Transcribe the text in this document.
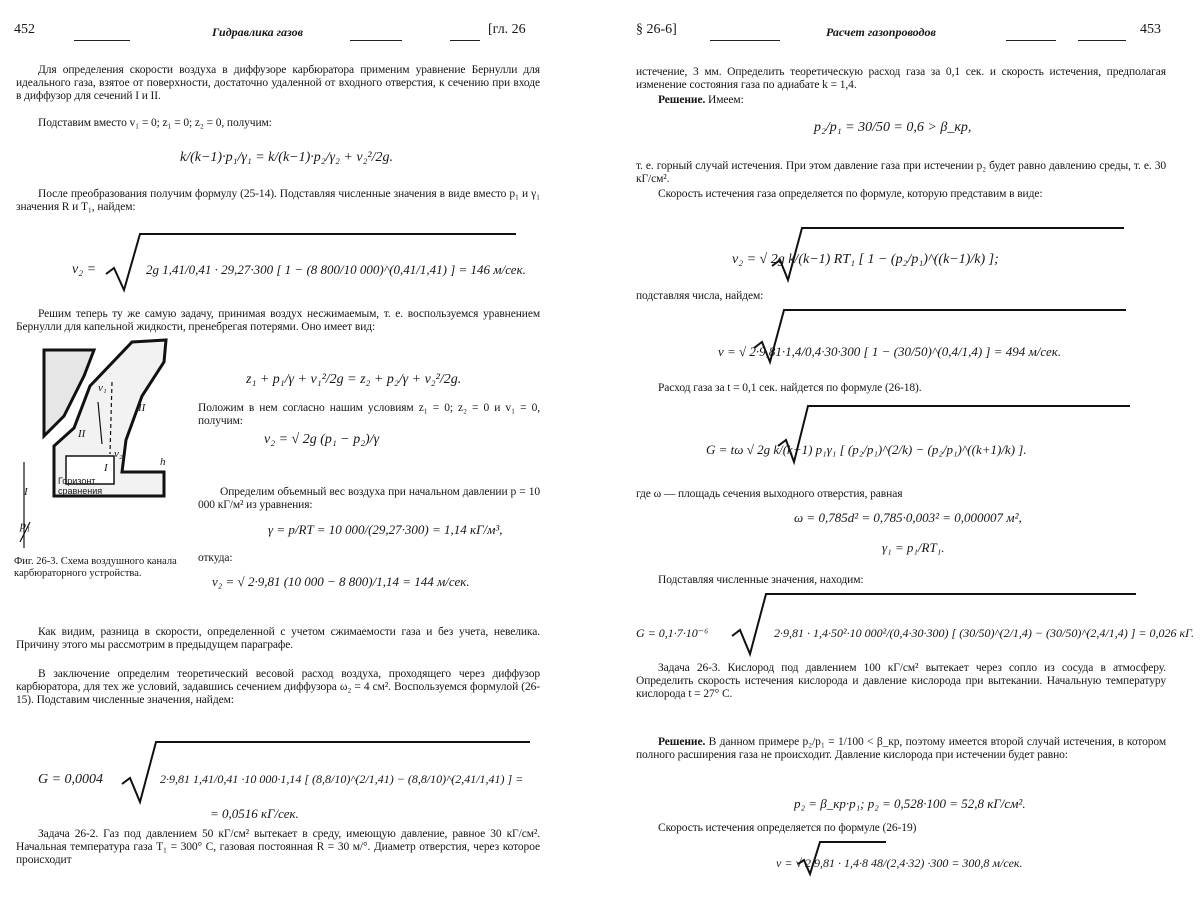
452	Гидравлика газов	[гл. 26
Для определения скорости воздуха в диффузоре карбюратора применим уравнение Бернулли для идеального газа, взятое от поверхности, достаточно удаленной от входного отверстия, к сечению при входе в диффузор для сечений I и II.
Подставим вместо v₁ = 0; z₁ = 0; z₂ = 0, получим:
k/(k−1)·p₁/γ₁ = k/(k−1)·p₂/γ₂ + v₂²/2g.
После преобразования получим формулу (25-14). Подставляя численные значения в виде вместо p₁ и γ₁ значения R и T₁, найдем:
v₂ =	2g 1,41/0,41 · 29,27·300 [ 1 − (8 800/10 000)^(0,41/1,41) ] = 146 м/сек.
Решим теперь ту же самую задачу, принимая воздух несжимаемым, т. е. воспользуемся уравнением Бернулли для капельной жидкости, пренебрегая потерями. Оно имеет вид:
v₁
v₂
II
I
h
p₁
Горизонт сравнения
I
II
z₁ + p₁/γ + v₁²/2g = z₂ + p₂/γ + v₂²/2g.
Положим в нем согласно нашим условиям z₁ = 0; z₂ = 0 и v₁ = 0, получим:
v₂ = √ 2g (p₁ − p₂)/γ
Определим объемный вес воздуха при начальном давлении p = 10 000 кГ/м² из уравнения:
γ = p/RT = 10 000/(29,27·300) = 1,14 кГ/м³,
откуда:
Фиг. 26-3. Схема воздушного канала карбюраторного устройства.
v₂ = √ 2·9,81 (10 000 − 8 800)/1,14 = 144 м/сек.
Как видим, разница в скорости, определенной с учетом сжимаемости газа и без учета, невелика. Причину этого мы рассмотрим в предыдущем параграфе.
В заключение определим теоретический весовой расход воздуха, проходящего через диффузор карбюратора, для тех же условий, задавшись сечением диффузора ω₂ = 4 см². Воспользуемся формулой (26-15). Подставим численные значения, найдем:
G = 0,0004	2·9,81 1,41/0,41 ·10 000·1,14 [ (8,8/10)^(2/1,41) − (8,8/10)^(2,41/1,41) ] =
= 0,0516 кГ/сек.
Задача 26-2. Газ под давлением 50 кГ/см² вытекает в среду, имеющую давление, равное 30 кГ/см². Начальная температура газа T₁ = 300° C, газовая постоянная R = 30 м/°. Диаметр отверстия, через которое происходит
§ 26-6]	Расчет газопроводов	453
истечение, 3 мм. Определить теоретическую расход газа за 0,1 сек. и скорость истечения, предполагая изменение состояния газа по адиабате k = 1,4.
Решение. Имеем:
p₂/p₁ = 30/50 = 0,6 > β_кр,
т. е. горный случай истечения. При этом давление газа при истечении p₂ будет равно давлению среды, т. е. 30 кГ/см².
Скорость истечения газа определяется по формуле, которую представим в виде:
v₂ = √ 2g k/(k−1) RT₁ [ 1 − (p₂/p₁)^((k−1)/k) ];
подставляя числа, найдем:
v = √ 2·9,81·1,4/0,4·30·300 [ 1 − (30/50)^(0,4/1,4) ] = 494 м/сек.
Расход газа за t = 0,1 сек. найдется по формуле (26-18).
G = tω √ 2g k/(k−1) p₁γ₁ [ (p₂/p₁)^(2/k) − (p₂/p₁)^((k+1)/k) ].
где ω — площадь сечения выходного отверстия, равная
ω = 0,785d² = 0,785·0,003² = 0,000007 м²,
γ₁ = p₁/RT₁.
Подставляя численные значения, находим:
G = 0,1·7·10⁻⁶	2·9,81 · 1,4·50²·10 000²/(0,4·30·300) [ (30/50)^(2/1,4) − (30/50)^(2,4/1,4) ] = 0,026 кГ.
Задача 26-3. Кислород под давлением 100 кГ/см² вытекает через сопло из сосуда в атмосферу. Определить скорость истечения кислорода и давление кислорода при вытекании. Начальную температуру кислорода t = 27° C.
Решение. В данном примере p₂/p₁ = 1/100 < β_кр, поэтому имеется второй случай истечения, в котором полного расширения газа не происходит. Давление кислорода при истечении будет равно:
p₂ = β_кр·p₁; p₂ = 0,528·100 = 52,8 кГ/см².
Скорость истечения определяется по формуле (26-19)
v = √ 2·9,81 · 1,4·8 48/(2,4·32) ·300 = 300,8 м/сек.
